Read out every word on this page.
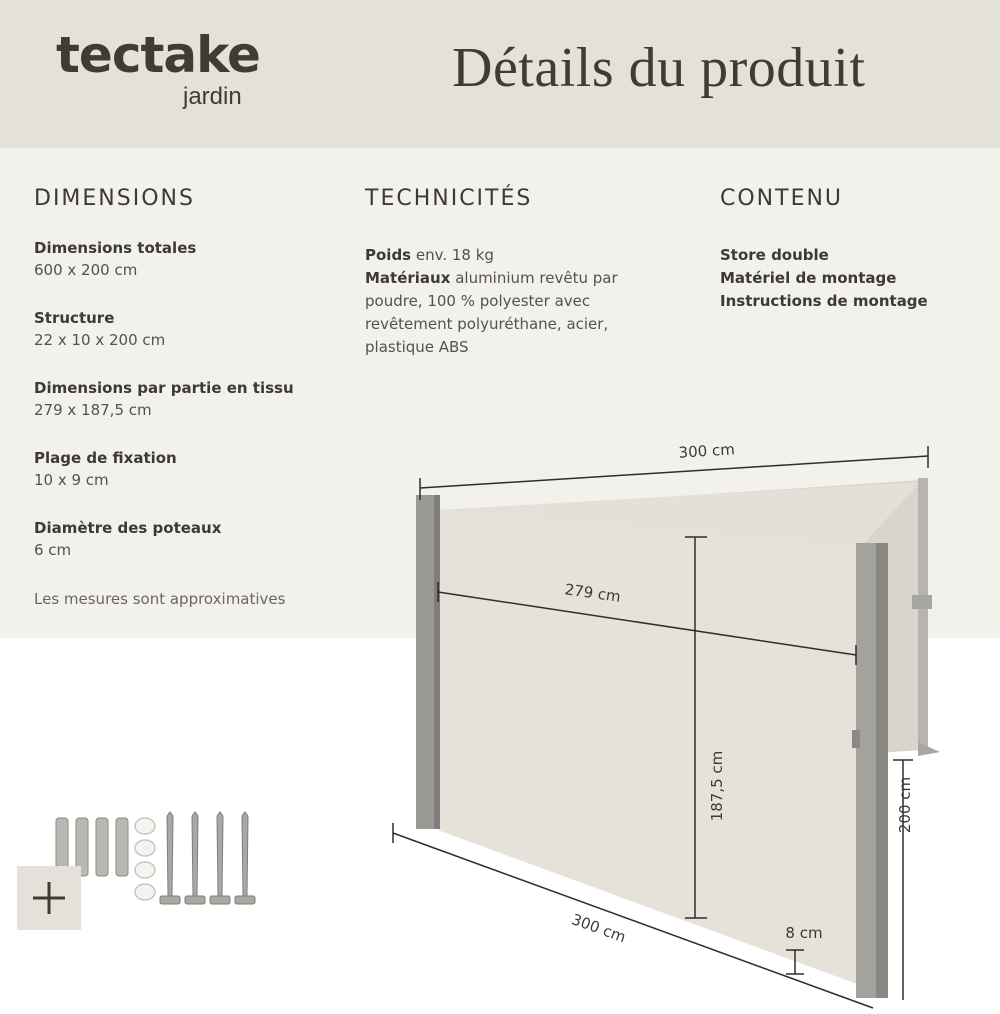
tectake
jardin	Détails du produit
DIMENSIONS	TECHNICITÉS	CONTENU
Dimensions totales
600 x 200 cm
Structure
22 x 10 x 200 cm
Dimensions par partie en tissu
279 x 187,5 cm
Plage de fixation
10 x 9 cm
Diamètre des poteaux
6 cm
Les mesures sont approximatives
Poids env. 18 kg
Matériaux aluminium revêtu par poudre, 100 % polyester avec revêtement polyuréthane, acier, plastique ABS
Store double
Matériel de montage
Instructions de montage
300 cm
279 cm
187,5 cm	200 cm
300 cm	8 cm
